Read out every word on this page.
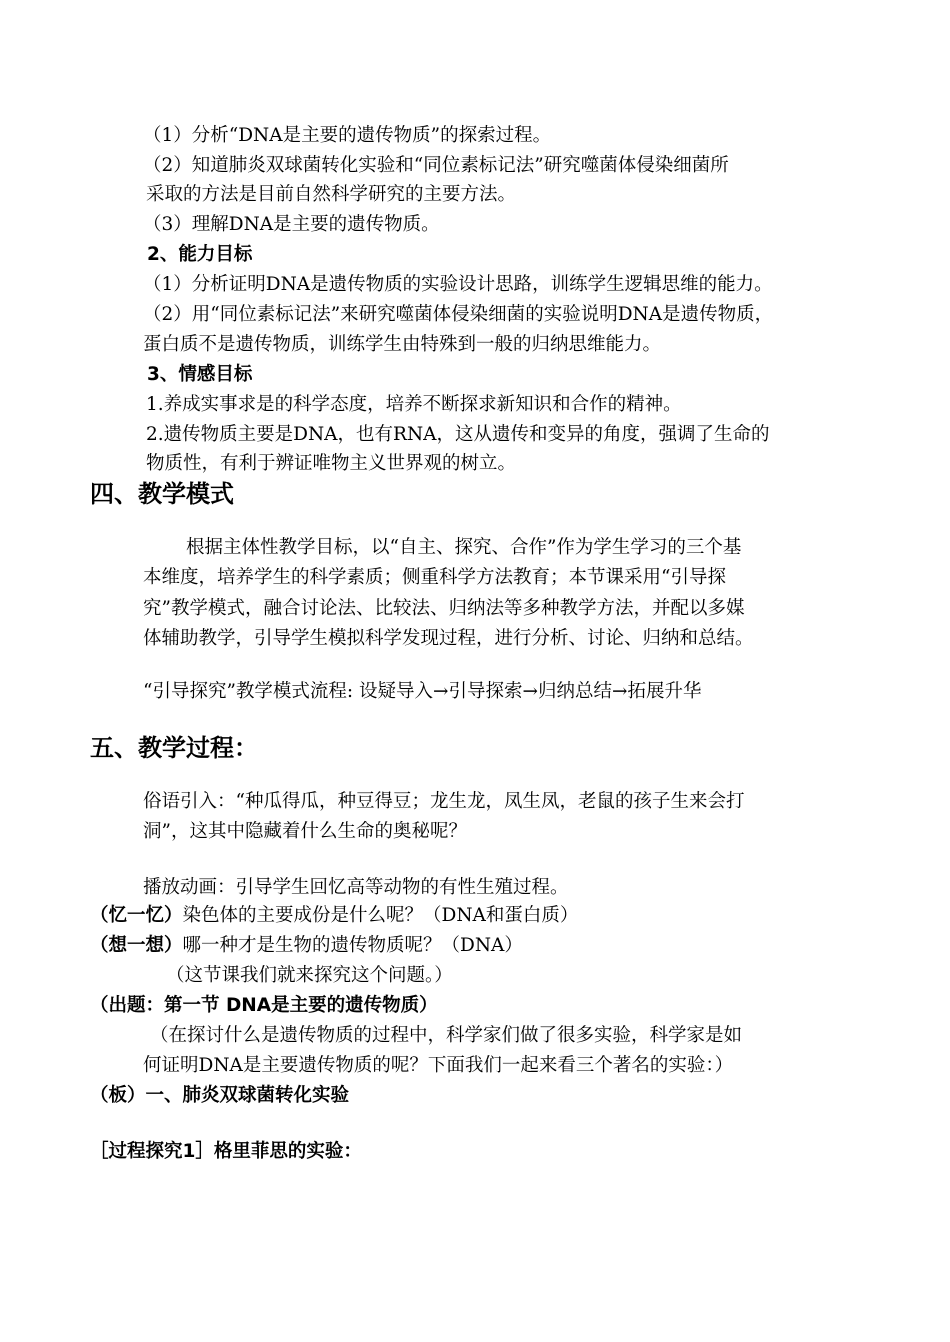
（1）分析“DNA是主要的遗传物质”的探索过程。
（2）知道肺炎双球菌转化实验和“同位素标记法”研究噬菌体侵染细菌所
采取的方法是目前自然科学研究的主要方法。
（3）理解DNA是主要的遗传物质。
2、能力目标
（1）分析证明DNA是遗传物质的实验设计思路，训练学生逻辑思维的能力。
（2）用“同位素标记法”来研究噬菌体侵染细菌的实验说明DNA是遗传物质，
蛋白质不是遗传物质，训练学生由特殊到一般的归纳思维能力。
3、情感目标
1.养成实事求是的科学态度，培养不断探求新知识和合作的精神。
2.遗传物质主要是DNA，也有RNA，这从遗传和变异的角度，强调了生命的
物质性，有利于辨证唯物主义世界观的树立。
四、教学模式
根据主体性教学目标，以“自主、探究、合作”作为学生学习的三个基
本维度，培养学生的科学素质；侧重科学方法教育；本节课采用“引导探
究”教学模式，融合讨论法、比较法、归纳法等多种教学方法，并配以多媒
体辅助教学，引导学生模拟科学发现过程，进行分析、讨论、归纳和总结。
“引导探究”教学模式流程: 设疑导入→引导探索→归纳总结→拓展升华
五、教学过程：
俗语引入：“种瓜得瓜，种豆得豆；龙生龙，凤生凤，老鼠的孩子生来会打
洞”，这其中隐藏着什么生命的奥秘呢？
播放动画：引导学生回忆高等动物的有性生殖过程。
（忆一忆）染色体的主要成份是什么呢？（DNA和蛋白质）
（想一想）哪一种才是生物的遗传物质呢？（DNA）
（这节课我们就来探究这个问题。）
（出题：第一节 DNA是主要的遗传物质）
（在探讨什么是遗传物质的过程中，科学家们做了很多实验，科学家是如
何证明DNA是主要遗传物质的呢？下面我们一起来看三个著名的实验：）
（板）一、肺炎双球菌转化实验
［过程探究1］格里菲思的实验：
